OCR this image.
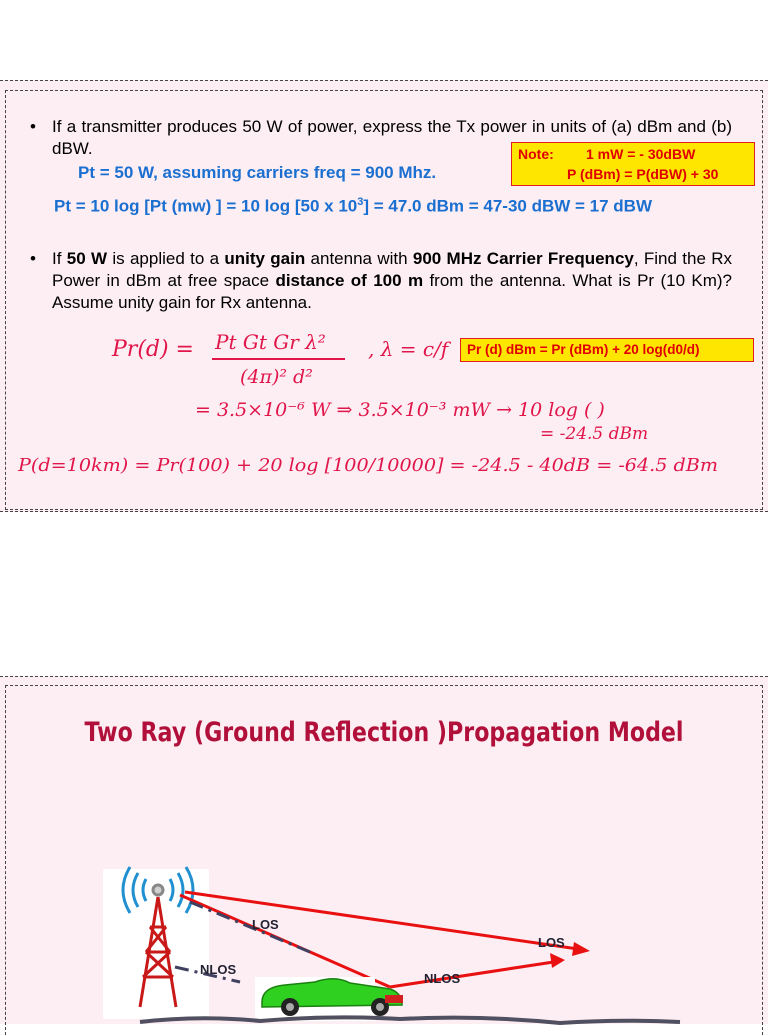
• If a transmitter produces 50 W of power, express the Tx power in units of (a) dBm and (b) dBW.
Pt = 50 W, assuming carriers freq = 900 Mhz.
Pt = 10 log [Pt (mw) ] = 10 log [50 x $10^3] = 47.0$ dBm = 47-30 dBW = 17 dBW
Note: 1 mW = - 30dBW
P (dBm) = P(dBW) + 30
• If 50 W is applied to a unity gain antenna with 900 MHz Carrier Frequency, Find the Rx Power in dBm at free space distance of 100 m from the antenna. What is Pr (10 Km)? Assume unity gain for Rx antenna.
Pr (d) dBm = Pr (dBm) + 20 log(d0/d)
Pr(d) = Pt Gt Gr λ²
(4π)² d²
, λ = c/f
= 3.5×10⁻⁶ W ⇒ 3.5×10⁻³ mW → 10 log ( )
= -24.5 dBm
P(d=10km) = Pr(100) + 20 log [100/10000] = -24.5 - 40dB = -64.5 dBm
Two Ray (Ground Reflection )Propagation Model
LOS
NLOS
LOS
NLOS
